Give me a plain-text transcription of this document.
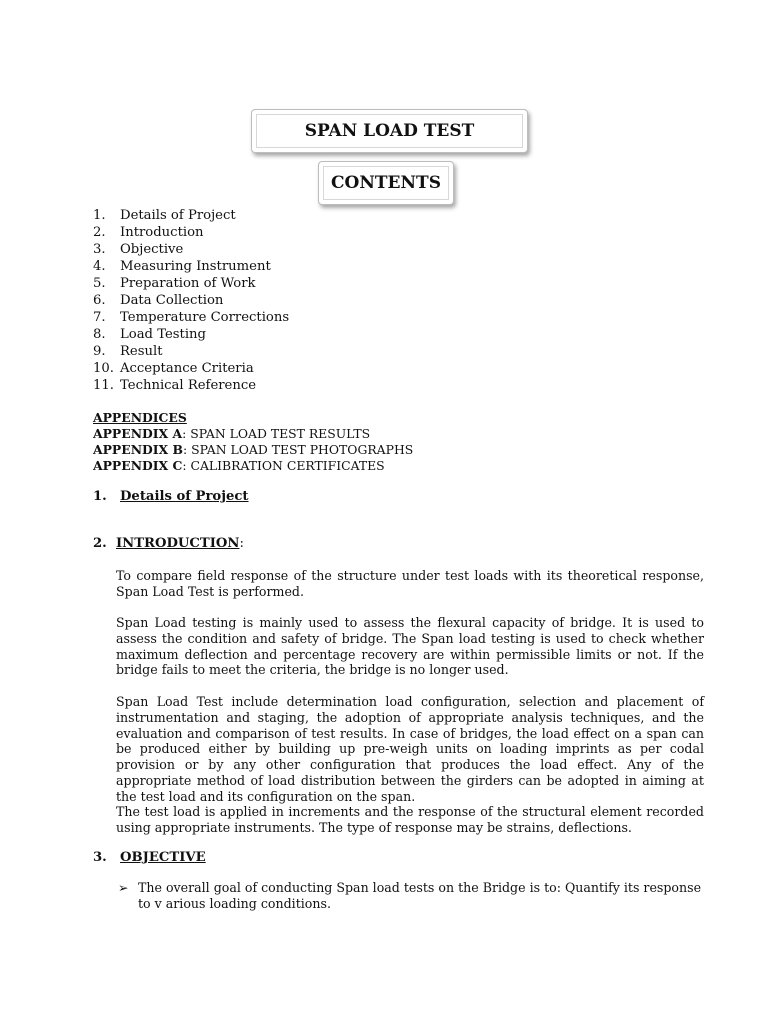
SPAN LOAD TEST
CONTENTS
1.	Details of Project
2.	Introduction
3.	Objective
4.	Measuring Instrument
5.	Preparation of Work
6.	Data Collection
7.	Temperature Corrections
8.	Load Testing
9.	Result
10. Acceptance Criteria
11. Technical Reference
APPENDICES
APPENDIX A: SPAN LOAD TEST RESULTS
APPENDIX B: SPAN LOAD TEST PHOTOGRAPHS
APPENDIX C: CALIBRATION CERTIFICATES
1. Details of Project
2. INTRODUCTION:

To compare field response of the structure under test loads with its theoretical response, Span Load Test is performed.

Span Load testing is mainly used to assess the flexural capacity of bridge. It is used to assess the condition and safety of bridge. The Span load testing is used to check whether maximum deflection and percentage recovery are within permissible limits or not. If the bridge fails to meet the criteria, the bridge is no longer used.

Span Load Test include determination load configuration, selection and placement of instrumentation and staging, the adoption of appropriate analysis techniques, and the evaluation and comparison of test results. In case of bridges, the load effect on a span can be produced either by building up pre-weigh units on loading imprints as per codal provision or by any other configuration that produces the load effect. Any of the appropriate method of load distribution between the girders can be adopted in aiming at the test load and its configuration on the span.

The test load is applied in increments and the response of the structural element recorded using appropriate instruments. The type of response may be strains, deflections.

3. OBJECTIVE
➢ The overall goal of conducting Span load tests on the Bridge is to: Quantify its response to v arious loading conditions.
